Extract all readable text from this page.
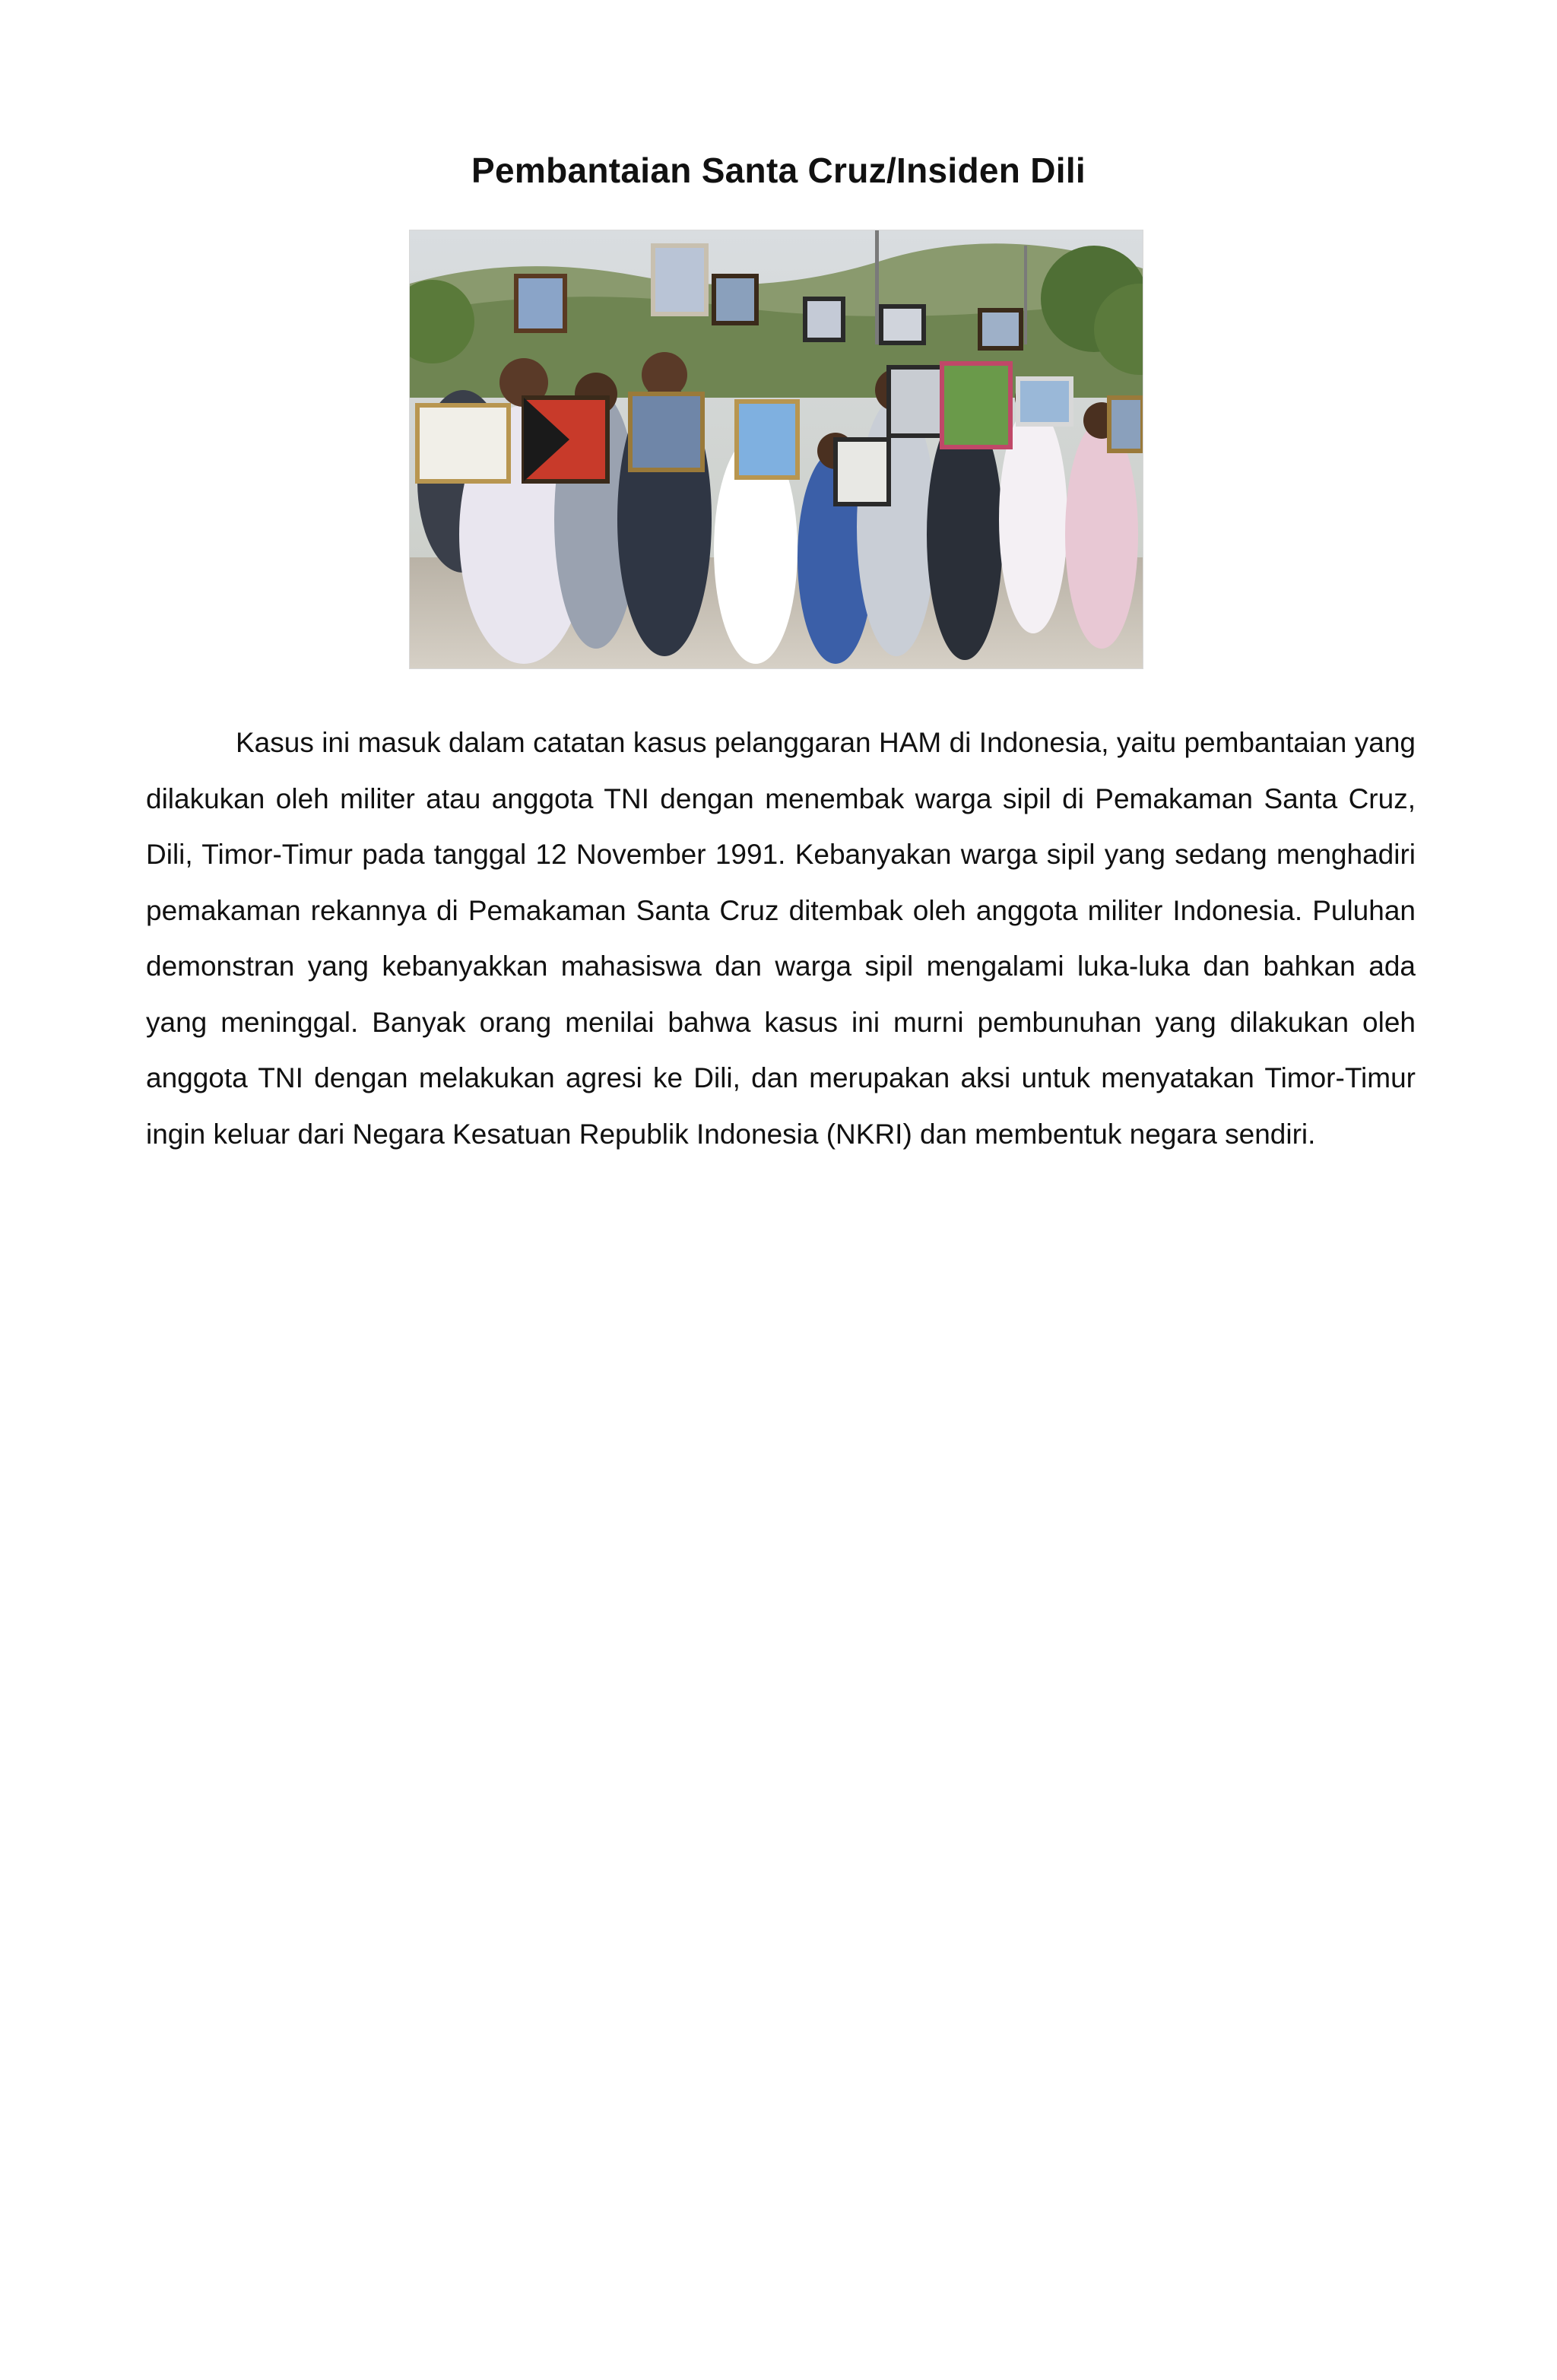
Pembantaian Santa Cruz/Insiden Dili

Kasus ini masuk dalam catatan kasus pelanggaran HAM di Indonesia, yaitu pembantaian yang dilakukan oleh militer atau anggota TNI dengan menembak warga sipil di Pemakaman Santa Cruz, Dili, Timor-Timur pada tanggal 12 November 1991. Kebanyakan warga sipil yang sedang menghadiri pemakaman rekannya di Pemakaman Santa Cruz ditembak oleh anggota militer Indonesia. Puluhan demonstran yang kebanyakkan mahasiswa dan warga sipil mengalami luka-luka dan bahkan ada yang meninggal. Banyak orang menilai bahwa kasus ini murni pembunuhan yang dilakukan oleh anggota TNI dengan melakukan agresi ke Dili, dan merupakan aksi untuk menyatakan Timor-Timur ingin keluar dari Negara Kesatuan Republik Indonesia (NKRI) dan membentuk negara sendiri.
